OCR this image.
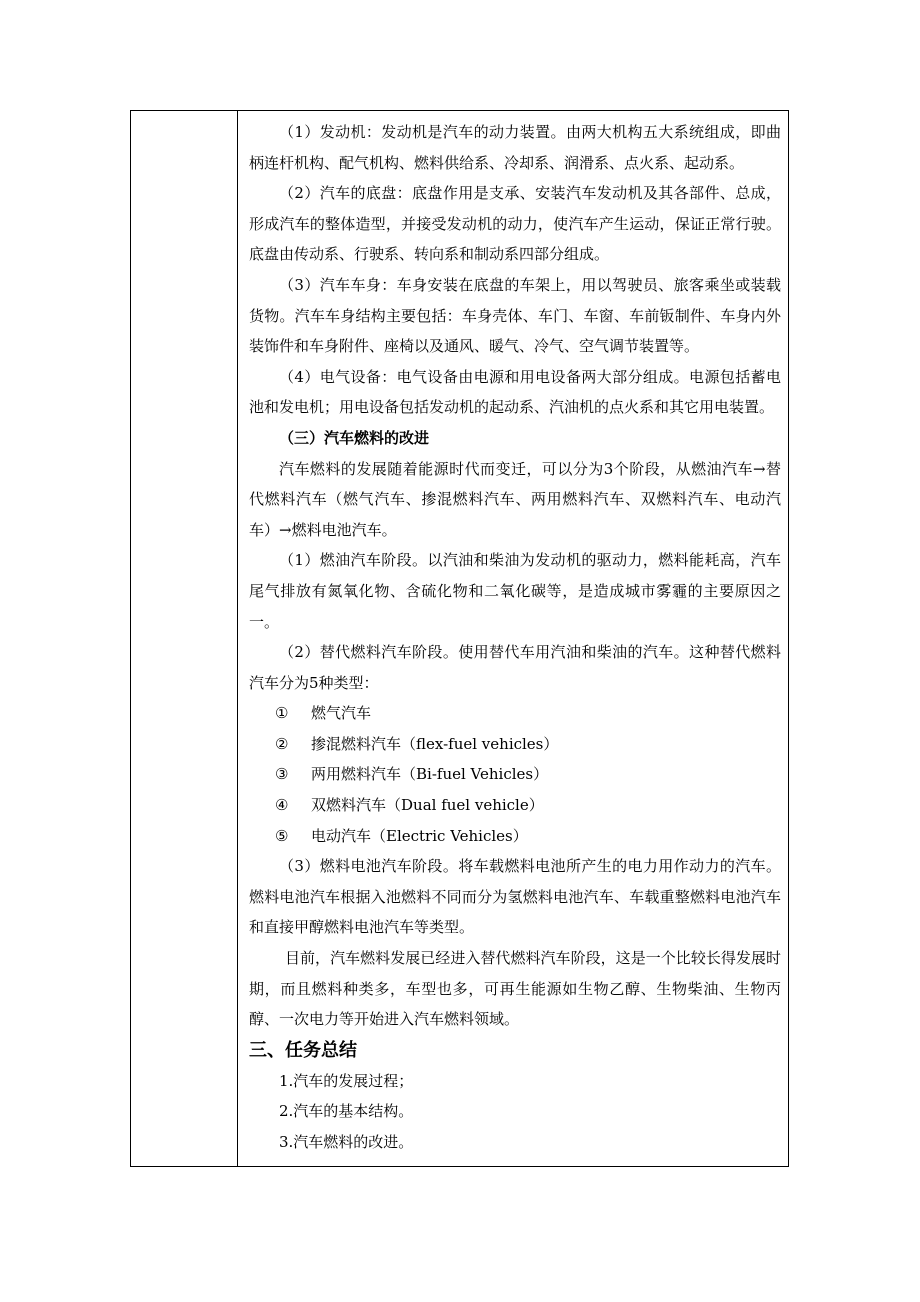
（1）发动机：发动机是汽车的动力装置。由两大机构五大系统组成，即曲柄连杆机构、配气机构、燃料供给系、冷却系、润滑系、点火系、起动系。

（2）汽车的底盘：底盘作用是支承、安装汽车发动机及其各部件、总成，形成汽车的整体造型，并接受发动机的动力，使汽车产生运动，保证正常行驶。底盘由传动系、行驶系、转向系和制动系四部分组成。

（3）汽车车身：车身安装在底盘的车架上，用以驾驶员、旅客乘坐或装载货物。汽车车身结构主要包括：车身壳体、车门、车窗、车前钣制件、车身内外装饰件和车身附件、座椅以及通风、暖气、冷气、空气调节装置等。

（4）电气设备：电气设备由电源和用电设备两大部分组成。电源包括蓄电池和发电机；用电设备包括发动机的起动系、汽油机的点火系和其它用电装置。

（三）汽车燃料的改进

汽车燃料的发展随着能源时代而变迁，可以分为3个阶段，从燃油汽车→替代燃料汽车（燃气汽车、掺混燃料汽车、两用燃料汽车、双燃料汽车、电动汽车）→燃料电池汽车。

（1）燃油汽车阶段。以汽油和柴油为发动机的驱动力，燃料能耗高，汽车尾气排放有氮氧化物、含硫化物和二氧化碳等，是造成城市雾霾的主要原因之一。

（2）替代燃料汽车阶段。使用替代车用汽油和柴油的汽车。这种替代燃料汽车分为5种类型：

① 燃气汽车

② 掺混燃料汽车（flex-fuel vehicles）

③ 两用燃料汽车（Bi-fuel Vehicles）

④ 双燃料汽车（Dual fuel vehicle）

⑤ 电动汽车（Electric Vehicles）

（3）燃料电池汽车阶段。将车载燃料电池所产生的电力用作动力的汽车。燃料电池汽车根据入池燃料不同而分为氢燃料电池汽车、车载重整燃料电池汽车和直接甲醇燃料电池汽车等类型。

目前，汽车燃料发展已经进入替代燃料汽车阶段，这是一个比较长得发展时期，而且燃料种类多，车型也多，可再生能源如生物乙醇、生物柴油、生物丙醇、一次电力等开始进入汽车燃料领域。

三、任务总结

1.汽车的发展过程；

2.汽车的基本结构。

3.汽车燃料的改进。
